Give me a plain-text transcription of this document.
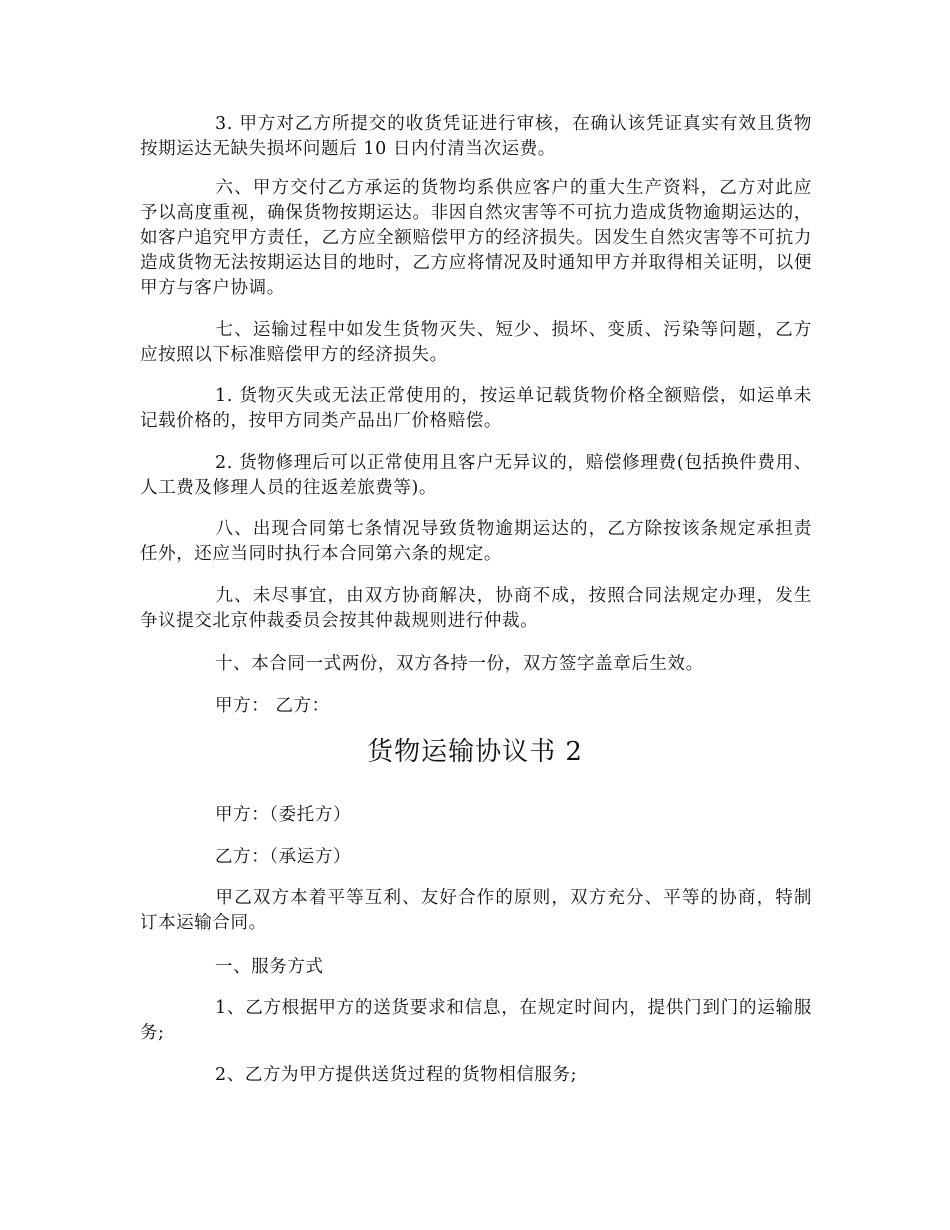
3. 甲方对乙方所提交的收货凭证进行审核，在确认该凭证真实有效且货物按期运达无缺失损坏问题后 10 日内付清当次运费。

六、甲方交付乙方承运的货物均系供应客户的重大生产资料，乙方对此应予以高度重视，确保货物按期运达。非因自然灾害等不可抗力造成货物逾期运达的，如客户追究甲方责任，乙方应全额赔偿甲方的经济损失。因发生自然灾害等不可抗力造成货物无法按期运达目的地时，乙方应将情况及时通知甲方并取得相关证明，以便甲方与客户协调。

七、运输过程中如发生货物灭失、短少、损坏、变质、污染等问题，乙方应按照以下标准赔偿甲方的经济损失。

1. 货物灭失或无法正常使用的，按运单记载货物价格全额赔偿，如运单未记载价格的，按甲方同类产品出厂价格赔偿。

2. 货物修理后可以正常使用且客户无异议的，赔偿修理费(包括换件费用、人工费及修理人员的往返差旅费等)。

八、出现合同第七条情况导致货物逾期运达的，乙方除按该条规定承担责任外，还应当同时执行本合同第六条的规定。

九、未尽事宜，由双方协商解决，协商不成，按照合同法规定办理，发生争议提交北京仲裁委员会按其仲裁规则进行仲裁。

十、本合同一式两份，双方各持一份，双方签字盖章后生效。

甲方： 乙方：

货物运输协议书 2

甲方：（委托方）

乙方：（承运方）

甲乙双方本着平等互利、友好合作的原则，双方充分、平等的协商，特制订本运输合同。

一、服务方式

1、乙方根据甲方的送货要求和信息，在规定时间内，提供门到门的运输服务;

2、乙方为甲方提供送货过程的货物相信服务;
